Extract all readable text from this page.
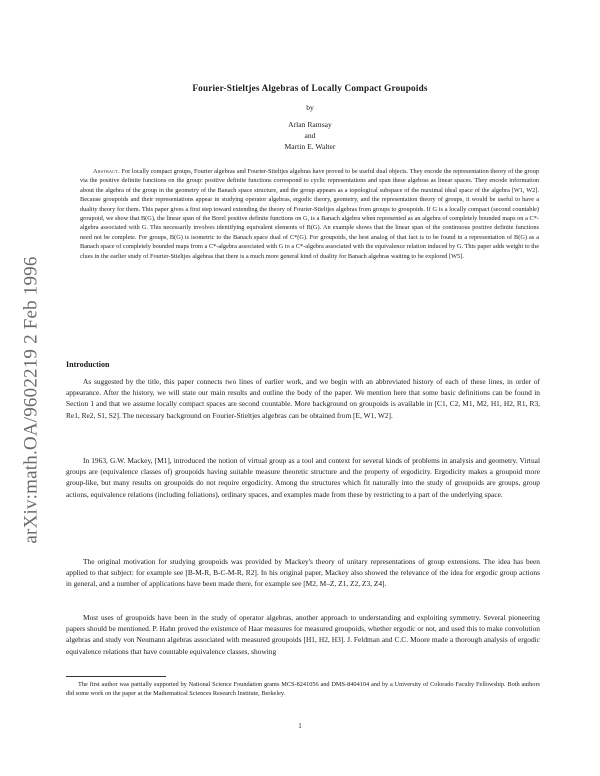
arXiv:math.OA/9602219 2 Feb 1996
Fourier-Stieltjes Algebras of Locally Compact Groupoids
by
Arlan Ramsay
and
Martin E. Walter

Abstract. For locally compact groups, Fourier algebras and Fourier-Stieltjes algebras have proved to be useful dual objects. They encode the representation theory of the group via the positive definite functions on the group: positive definite functions correspond to cyclic representations and span these algebras as linear spaces. They encode information about the algebra of the group in the geometry of the Banach space structure, and the group appears as a topological subspace of the maximal ideal space of the algebra [W1, W2]. Because groupoids and their representations appear in studying operator algebras, ergodic theory, geometry, and the representation theory of groups, it would be useful to have a duality theory for them. This paper gives a first step toward extending the theory of Fourier-Stieltjes algebras from groups to groupoids. If G is a locally compact (second countable) groupoid, we show that B(G), the linear span of the Borel positive definite functions on G, is a Banach algebra when represented as an algebra of completely bounded maps on a C*-algebra associated with G. This necessarily involves identifying equivalent elements of B(G). An example shows that the linear span of the continuous positive definite functions need not be complete. For groups, B(G) is isometric to the Banach space dual of C*(G). For groupoids, the best analog of that fact is to be found in a representation of B(G) as a Banach space of completely bounded maps from a C*-algebra associated with G to a C*-algebra associated with the equivalence relation induced by G. This paper adds weight to the clues in the earlier study of Fourier-Stieltjes algebras that there is a much more general kind of duality for Banach algebras waiting to be explored [W5].

Introduction

As suggested by the title, this paper connects two lines of earlier work, and we begin with an abbreviated history of each of these lines, in order of appearance. After the history, we will state our main results and outline the body of the paper. We mention here that some basic definitions can be found in Section 1 and that we assume locally compact spaces are second countable. More background on groupoids is available in [C1, C2, M1, M2, H1, H2, R1, R3, Re1, Re2, S1, S2]. The necessary background on Fourier-Stieltjes algebras can be obtained from [E, W1, W2].

In 1963, G.W. Mackey, [M1], introduced the notion of virtual group as a tool and context for several kinds of problems in analysis and geometry. Virtual groups are (equivalence classes of) groupoids having suitable measure theoretic structure and the property of ergodicity. Ergodicity makes a groupoid more group-like, but many results on groupoids do not require ergodicity. Among the structures which fit naturally into the study of groupoids are groups, group actions, equivalence relations (including foliations), ordinary spaces, and examples made from these by restricting to a part of the underlying space.

The original motivation for studying groupoids was provided by Mackey's theory of unitary representations of group extensions. The idea has been applied to that subject: for example see [B-M-R, B-C-M-R, R2]. In his original paper, Mackey also showed the relevance of the idea for ergodic group actions in general, and a number of applications have been made there, for example see [M2, M–Z, Z1, Z2, Z3, Z4].

Most uses of groupoids have been in the study of operator algebras, another approach to understanding and exploiting symmetry. Several pioneering papers should be mentioned. P. Hahn proved the existence of Haar measures for measured groupoids, whether ergodic or not, and used this to make convolution algebras and study von Neumann algebras associated with measured groupoids [H1, H2, H3]. J. Feldman and C.C. Moore made a thorough analysis of ergodic equivalence relations that have countable equivalence classes, showing

The first author was partially supported by National Science Foundation grants MCS-8241056 and DMS-8404104 and by a University of Colorado Faculty Fellowship. Both authors did some work on the paper at the Mathematical Sciences Research Institute, Berkeley.

1
